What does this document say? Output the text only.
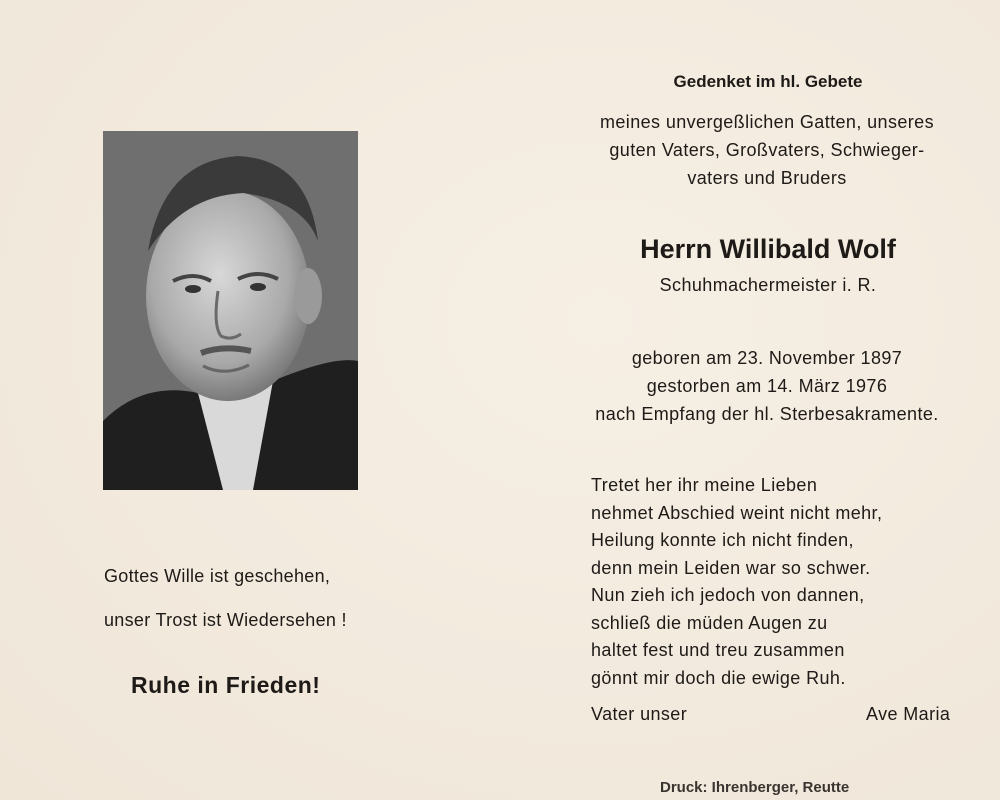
Gottes Wille ist geschehen,
unser Trost ist Wiedersehen !
Ruhe in Frieden!
Gedenket im hl. Gebete
meines unvergeßlichen Gatten, unseres
guten Vaters, Großvaters, Schwieger-
vaters und Bruders
Herrn Willibald Wolf
Schuhmachermeister i. R.
geboren am 23. November 1897
gestorben am 14. März 1976
nach Empfang der hl. Sterbesakramente.
Tretet her ihr meine Lieben
nehmet Abschied weint nicht mehr,
Heilung konnte ich nicht finden,
denn mein Leiden war so schwer.
Nun zieh ich jedoch von dannen,
schließ die müden Augen zu
haltet fest und treu zusammen
gönnt mir doch die ewige Ruh.
Vater unser	Ave Maria
Druck: Ihrenberger, Reutte
